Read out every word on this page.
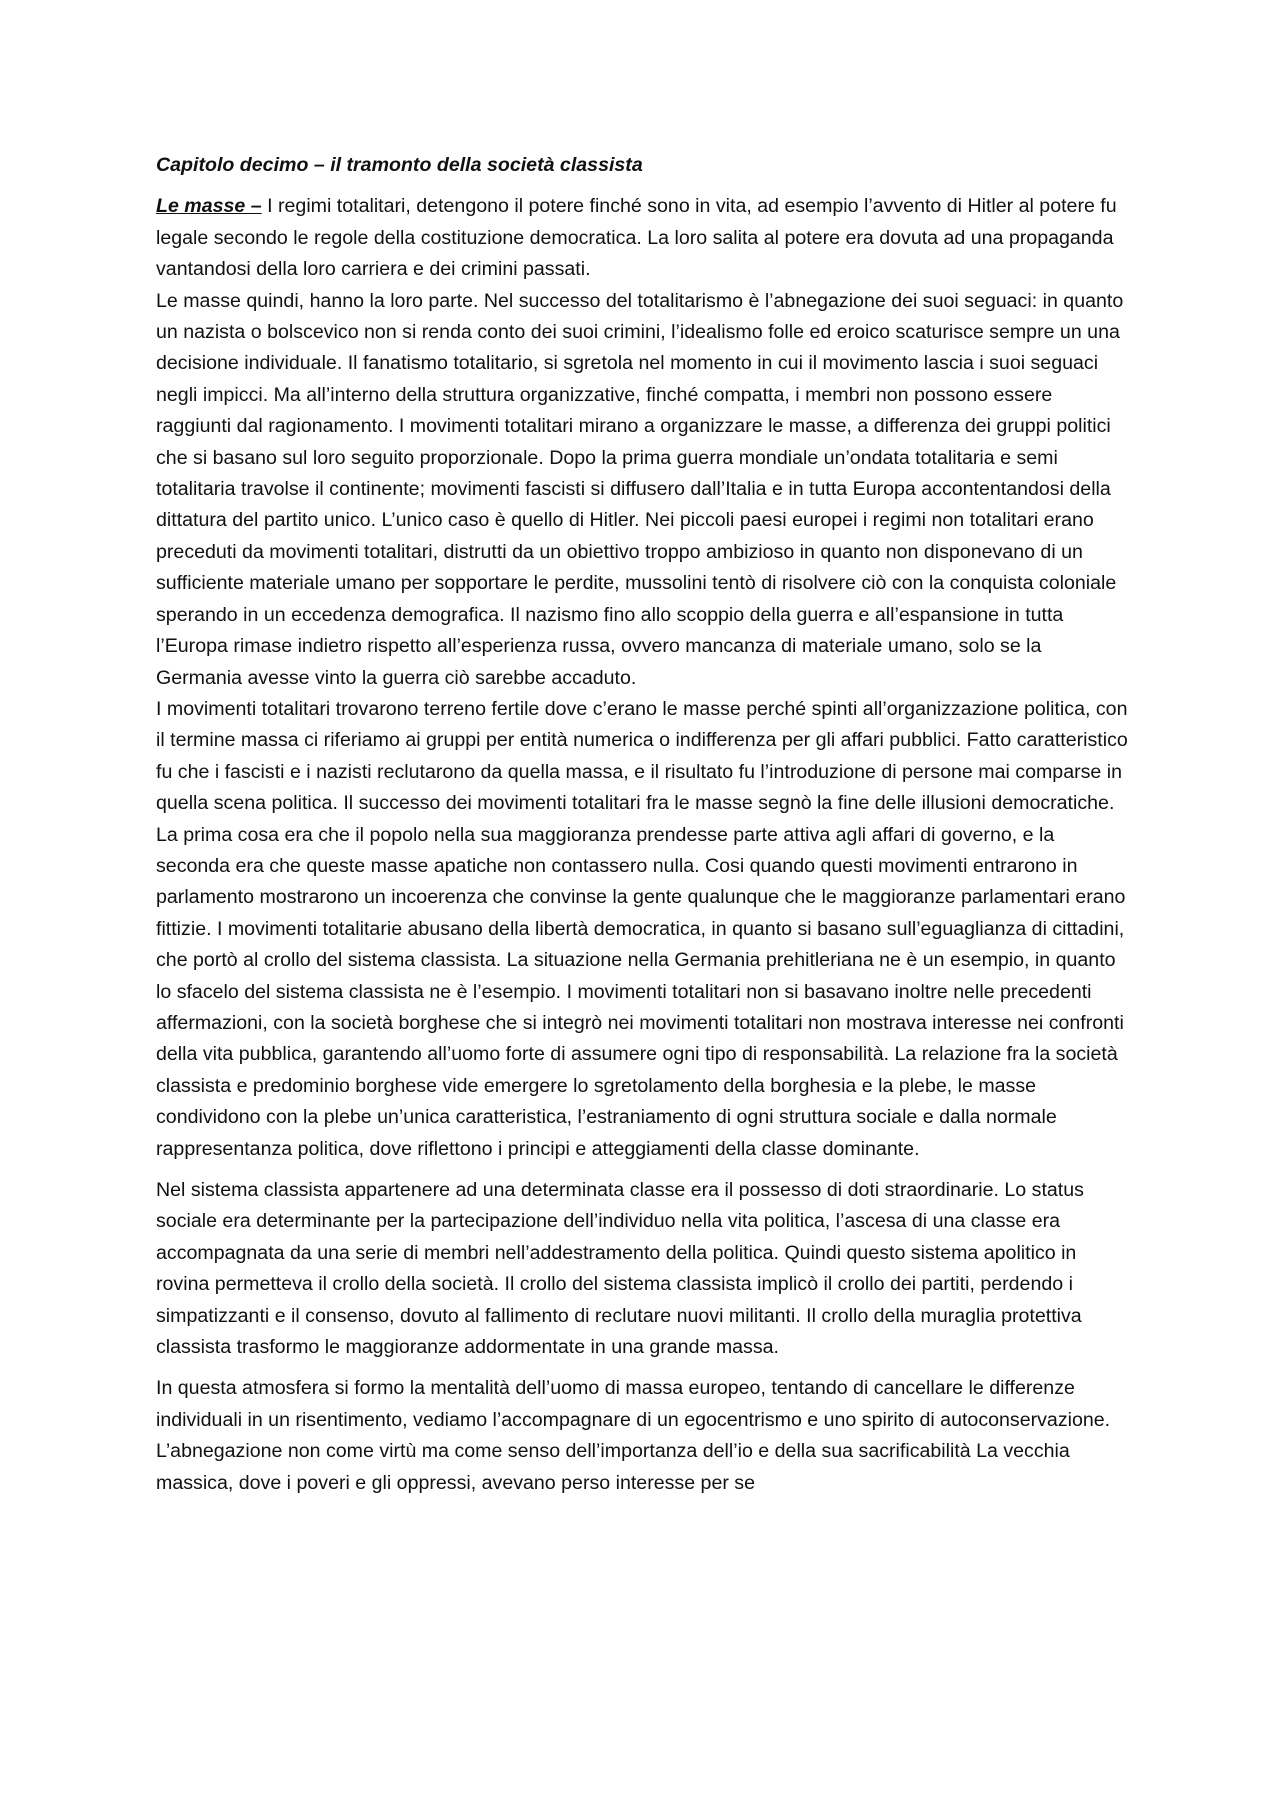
Capitolo decimo – il tramonto della società classista

Le masse – I regimi totalitari, detengono il potere finché sono in vita, ad esempio l’avvento di Hitler al potere fu legale secondo le regole della costituzione democratica. La loro salita al potere era dovuta ad una propaganda vantandosi della loro carriera e dei crimini passati.

Le masse quindi, hanno la loro parte. Nel successo del totalitarismo è l’abnegazione dei suoi seguaci: in quanto un nazista o bolscevico non si renda conto dei suoi crimini, l’idealismo folle ed eroico scaturisce sempre un una decisione individuale. Il fanatismo totalitario, si sgretola nel momento in cui il movimento lascia i suoi seguaci negli impicci. Ma all’interno della struttura organizzative, finché compatta, i membri non possono essere raggiunti dal ragionamento. I movimenti totalitari mirano a organizzare le masse, a differenza dei gruppi politici che si basano sul loro seguito proporzionale. Dopo la prima guerra mondiale un’ondata totalitaria e semi totalitaria travolse il continente; movimenti fascisti si diffusero dall’Italia e in tutta Europa accontentandosi della dittatura del partito unico. L’unico caso è quello di Hitler. Nei piccoli paesi europei i regimi non totalitari erano preceduti da movimenti totalitari, distrutti da un obiettivo troppo ambizioso in quanto non disponevano di un sufficiente materiale umano per sopportare le perdite, mussolini tentò di risolvere ciò con la conquista coloniale sperando in un eccedenza demografica. Il nazismo fino allo scoppio della guerra e all’espansione in tutta l’Europa rimase indietro rispetto all’esperienza russa, ovvero mancanza di materiale umano, solo se la Germania avesse vinto la guerra ciò sarebbe accaduto.

I movimenti totalitari trovarono terreno fertile dove c’erano le masse perché spinti all’organizzazione politica, con il termine massa ci riferiamo ai gruppi per entità numerica o indifferenza per gli affari pubblici. Fatto caratteristico fu che i fascisti e i nazisti reclutarono da quella massa, e il risultato fu l’introduzione di persone mai comparse in quella scena politica. Il successo dei movimenti totalitari fra le masse segnò la fine delle illusioni democratiche. La prima cosa era che il popolo nella sua maggioranza prendesse parte attiva agli affari di governo, e la seconda era che queste masse apatiche non contassero nulla. Cosi quando questi movimenti entrarono in parlamento mostrarono un incoerenza che convinse la gente qualunque che le maggioranze parlamentari erano fittizie. I movimenti totalitarie abusano della libertà democratica, in quanto si basano sull’eguaglianza di cittadini, che portò al crollo del sistema classista. La situazione nella Germania prehitleriana ne è un esempio, in quanto lo sfacelo del sistema classista ne è l’esempio. I movimenti totalitari non si basavano inoltre nelle precedenti affermazioni, con la società borghese che si integrò nei movimenti totalitari non mostrava interesse nei confronti della vita pubblica, garantendo all’uomo forte di assumere ogni tipo di responsabilità. La relazione fra la società classista e predominio borghese vide emergere lo sgretolamento della borghesia e la plebe, le masse condividono con la plebe un’unica caratteristica, l’estraniamento di ogni struttura sociale e dalla normale rappresentanza politica, dove riflettono i principi e atteggiamenti della classe dominante.

Nel sistema classista appartenere ad una determinata classe era il possesso di doti straordinarie. Lo status sociale era determinante per la partecipazione dell’individuo nella vita politica, l’ascesa di una classe era accompagnata da una serie di membri nell’addestramento della politica. Quindi questo sistema apolitico in rovina permetteva il crollo della società. Il crollo del sistema classista implicò il crollo dei partiti, perdendo i simpatizzanti e il consenso, dovuto al fallimento di reclutare nuovi militanti. Il crollo della muraglia protettiva classista trasformo le maggioranze addormentate in una grande massa.

In questa atmosfera si formo la mentalità dell’uomo di massa europeo, tentando di cancellare le differenze individuali in un risentimento, vediamo l’accompagnare di un egocentrismo e uno spirito di autoconservazione. L’abnegazione non come virtù ma come senso dell’importanza dell’io e della sua sacrificabilità La vecchia massica, dove i poveri e gli oppressi, avevano perso interesse per se
